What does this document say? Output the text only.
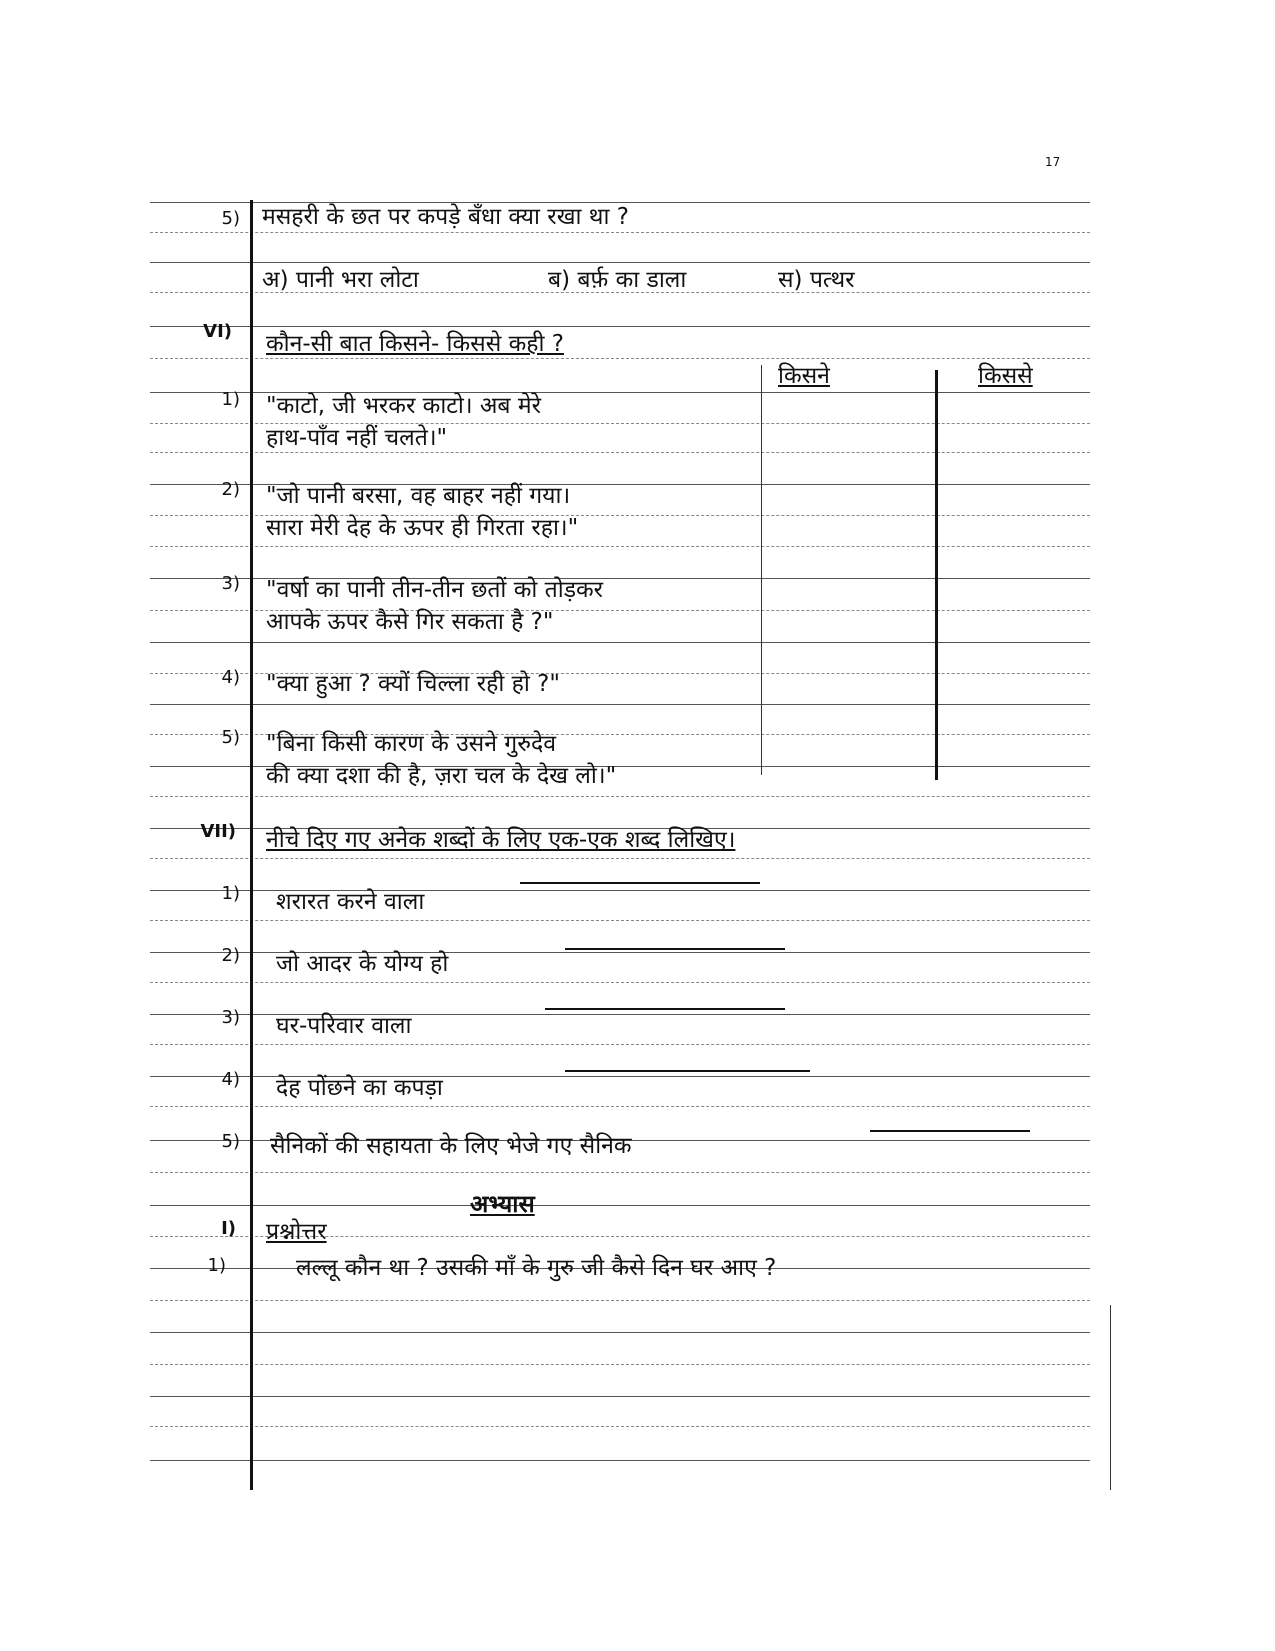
17
5) मसहरी के छत पर कपड़े बँधा क्या रखा था ?
अ) पानी भरा लोटा	ब) बर्फ़ का डाला	स) पत्थर
VI) कौन-सी बात किसने- किससे कही ?
किसने	किससे
1) "काटो, जी भरकर काटो। अब मेरे
हाथ-पाँव नहीं चलते।"
2) "जो पानी बरसा, वह बाहर नहीं गया।
सारा मेरी देह के ऊपर ही गिरता रहा।"
3) "वर्षा का पानी तीन-तीन छतों को तोड़कर
आपके ऊपर कैसे गिर सकता है ?"
4) "क्या हुआ ? क्यों चिल्ला रही हो ?"
5) "बिना किसी कारण के उसने गुरुदेव
की क्या दशा की है, ज़रा चल के देख लो।"
VII) नीचे दिए गए अनेक शब्दों के लिए एक-एक शब्द लिखिए।
1) शरारत करने वाला
2) जो आदर के योग्य हो
3) घर-परिवार वाला
4) देह पोंछने का कपड़ा
5) सैनिकों की सहायता के लिए भेजे गए सैनिक
अभ्यास
I) प्रश्नोत्तर
1)	लल्लू कौन था ? उसकी माँ के गुरु जी कैसे दिन घर आए ?
